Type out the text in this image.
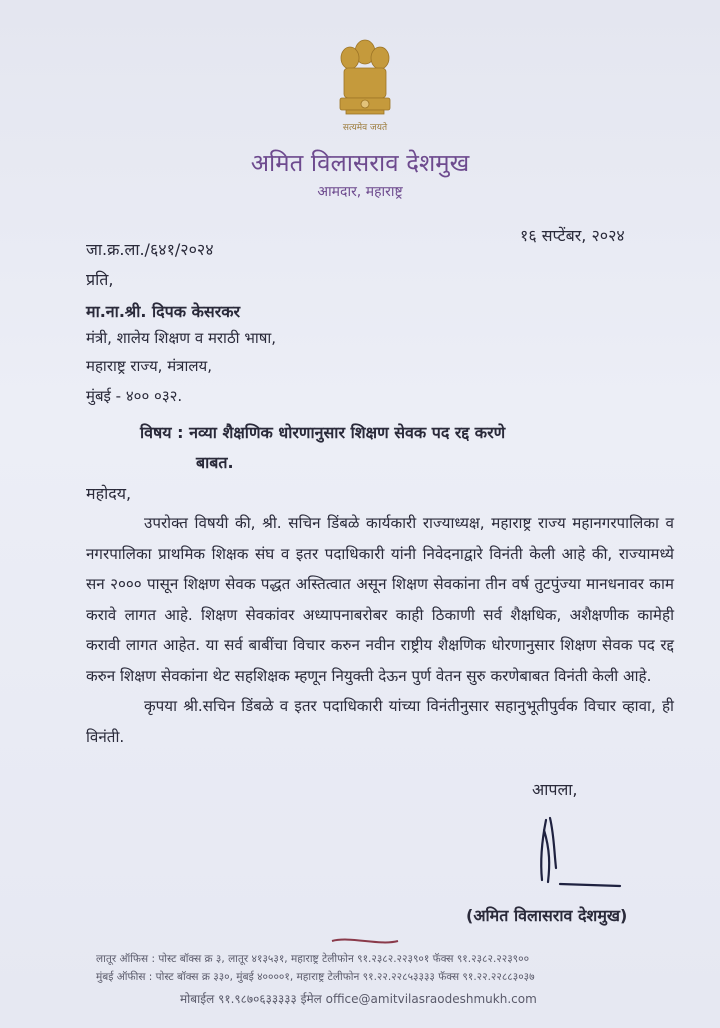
सत्यमेव जयते
अमित विलासराव देशमुख
आमदार, महाराष्ट्र
१६ सप्टेंबर, २०२४
जा.क्र.ला./६४१/२०२४
प्रति,
मा.ना.श्री. दिपक केसरकर
मंत्री, शालेय शिक्षण व मराठी भाषा,
महाराष्ट्र राज्य, मंत्रालय,
मुंबई - ४०० ०३२.
विषय : नव्या शैक्षणिक धोरणानुसार शिक्षण सेवक पद रद्द करणे
बाबत.
महोदय,

उपरोक्त विषयी की, श्री. सचिन डिंबळे कार्यकारी राज्याध्यक्ष, महाराष्ट्र राज्य महानगरपालिका व नगरपालिका प्राथमिक शिक्षक संघ व इतर पदाधिकारी यांनी निवेदनाद्वारे विनंती केली आहे की, राज्यामध्ये सन २००० पासून शिक्षण सेवक पद्धत अस्तित्वात असून शिक्षण सेवकांना तीन वर्ष तुटपुंज्या मानधनावर काम करावे लागत आहे. शिक्षण सेवकांवर अध्यापनाबरोबर काही ठिकाणी सर्व शैक्षधिक, अशैक्षणीक कामेही करावी लागत आहेत. या सर्व बाबींचा विचार करुन नवीन राष्ट्रीय शैक्षणिक धोरणानुसार शिक्षण सेवक पद रद्द करुन शिक्षण सेवकांना थेट सहशिक्षक म्हणून नियुक्ती देऊन पुर्ण वेतन सुरु करणेबाबत विनंती केली आहे.

कृपया श्री.सचिन डिंबळे व इतर पदाधिकारी यांच्या विनंतीनुसार सहानुभूतीपुर्वक विचार व्हावा, ही विनंती.

आपला,
(अमित विलासराव देशमुख)
लातूर ऑफिस : पोस्ट बॉक्स क्र ३, लातूर ४१३५३१, महाराष्ट्र टेलीफोन ९१.२३८२.२२३९०१ फॅक्स ९१.२३८२.२२३९००
मुंबई ऑफीस : पोस्ट बॉक्स क्र ३३०, मुंबई ४००००१, महाराष्ट्र टेलीफोन ९१.२२.२२८५३३३३ फॅक्स ९१.२२.२२८८३०३७
मोबाईल ९१.९८७०६३३३३३ ईमेल office@amitvilasraodeshmukh.com
